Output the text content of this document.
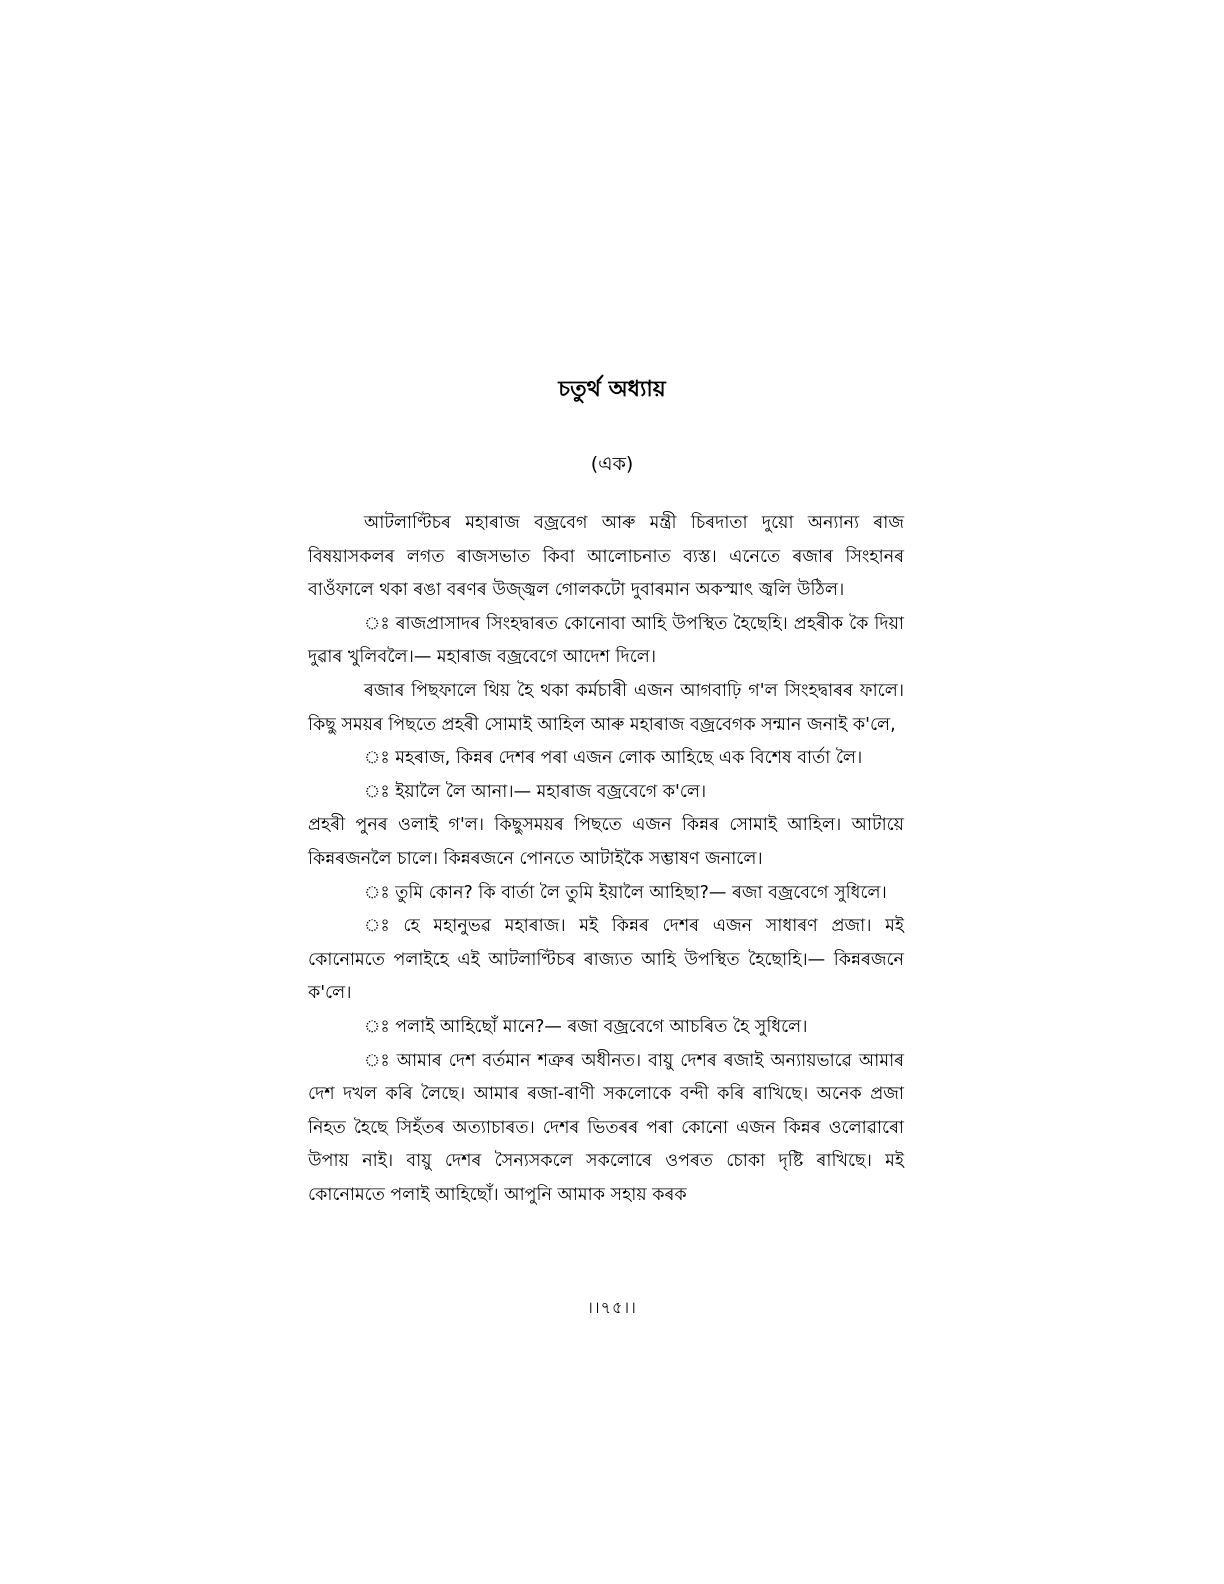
চতুৰ্থ অধ্যায়
(এক)

আটলাণ্টিচৰ মহাৰাজ বজ্ৰবেগ আৰু মন্ত্ৰী চিৰদাতা দুয়ো অন্যান্য ৰাজ বিষয়াসকলৰ লগত ৰাজসভাত কিবা আলোচনাত ব্যস্ত। এনেতে ৰজাৰ সিংহানৰ বাওঁফালে থকা ৰঙা বৰণৰ উজ্জ্বল গোলকটো দুবাৰমান অকস্মাৎ জ্বলি উঠিল।

ঃ ৰাজপ্ৰাসাদৰ সিংহদ্বাৰত কোনোবা আহি উপস্থিত হৈছেহি। প্ৰহৰীক কৈ দিয়া দুৱাৰ খুলিবলৈ।— মহাৰাজ বজ্ৰবেগে আদেশ দিলে।

ৰজাৰ পিছফালে থিয় হৈ থকা কৰ্মচাৰী এজন আগবাঢ়ি গ'ল সিংহদ্বাৰৰ ফালে। কিছু সময়ৰ পিছতে প্ৰহৰী সোমাই আহিল আৰু মহাৰাজ বজ্ৰবেগক সন্মান জনাই ক'লে,

ঃ মহৰাজ, কিন্নৰ দেশৰ পৰা এজন লোক আহিছে এক বিশেষ বাৰ্তা লৈ।

ঃ ইয়ালৈ লৈ আনা।— মহাৰাজ বজ্ৰবেগে ক'লে।

প্ৰহৰী পুনৰ ওলাই গ'ল। কিছুসময়ৰ পিছতে এজন কিন্নৰ সোমাই আহিল। আটায়ে কিন্নৰজনলৈ চালে। কিন্নৰজনে পোনতে আটাইকৈ সম্ভাষণ জনালে।

ঃ তুমি কোন? কি বাৰ্তা লৈ তুমি ইয়ালৈ আহিছা?— ৰজা বজ্ৰবেগে সুধিলে।

ঃ হে মহানুভৱ মহাৰাজ। মই কিন্নৰ দেশৰ এজন সাধাৰণ প্ৰজা। মই কোনোমতে পলাইহে এই আটলাণ্টিচৰ ৰাজ্যত আহি উপস্থিত হৈছোহি।— কিন্নৰজনে ক'লে।

ঃ পলাই আহিছোঁ মানে?— ৰজা বজ্ৰবেগে আচৰিত হৈ সুধিলে।

ঃ আমাৰ দেশ বৰ্তমান শত্ৰুৰ অধীনত। বায়ু দেশৰ ৰজাই অন্যায়ভাৱে আমাৰ দেশ দখল কৰি লৈছে। আমাৰ ৰজা-ৰাণী সকলোকে বন্দী কৰি ৰাখিছে। অনেক প্ৰজা নিহত হৈছে সিহঁতৰ অত্যাচাৰত। দেশৰ ভিতৰৰ পৰা কোনো এজন কিন্নৰ ওলোৱাৰো উপায় নাই। বায়ু দেশৰ সৈন্যসকলে সকলোৰে ওপৰত চোকা দৃষ্টি ৰাখিছে। মই কোনোমতে পলাই আহিছোঁ। আপুনি আমাক সহায় কৰক

।।৭৫।।
